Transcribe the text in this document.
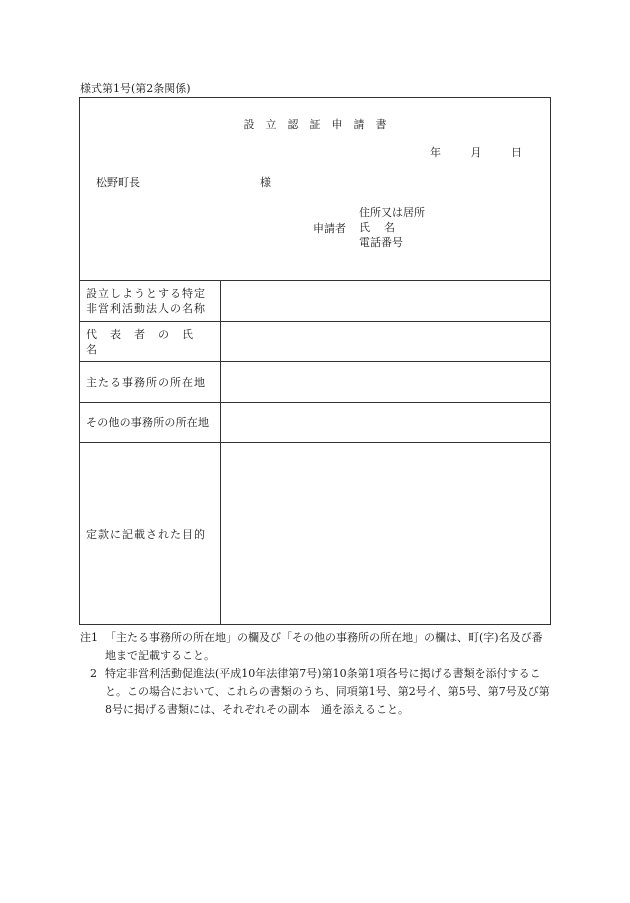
様式第1号(第2条関係)
設立認証申請書
年	月	日
松野町長	様
申請者
住所又は居所
氏 名
電話番号
設立しようとする特定
非営利活動法人の名称
代表者の氏名
主たる事務所の所在地
その他の事務所の所在地
定款に記載された目的
注1 「主たる事務所の所在地」の欄及び「その他の事務所の所在地」の欄は、町(字)名及び番地まで記載すること。
2 特定非営利活動促進法(平成10年法律第7号)第10条第1項各号に掲げる書類を添付すること。この場合において、これらの書類のうち、同項第1号、第2号イ、第5号、第7号及び第8号に掲げる書類には、それぞれその副本　通を添えること。
